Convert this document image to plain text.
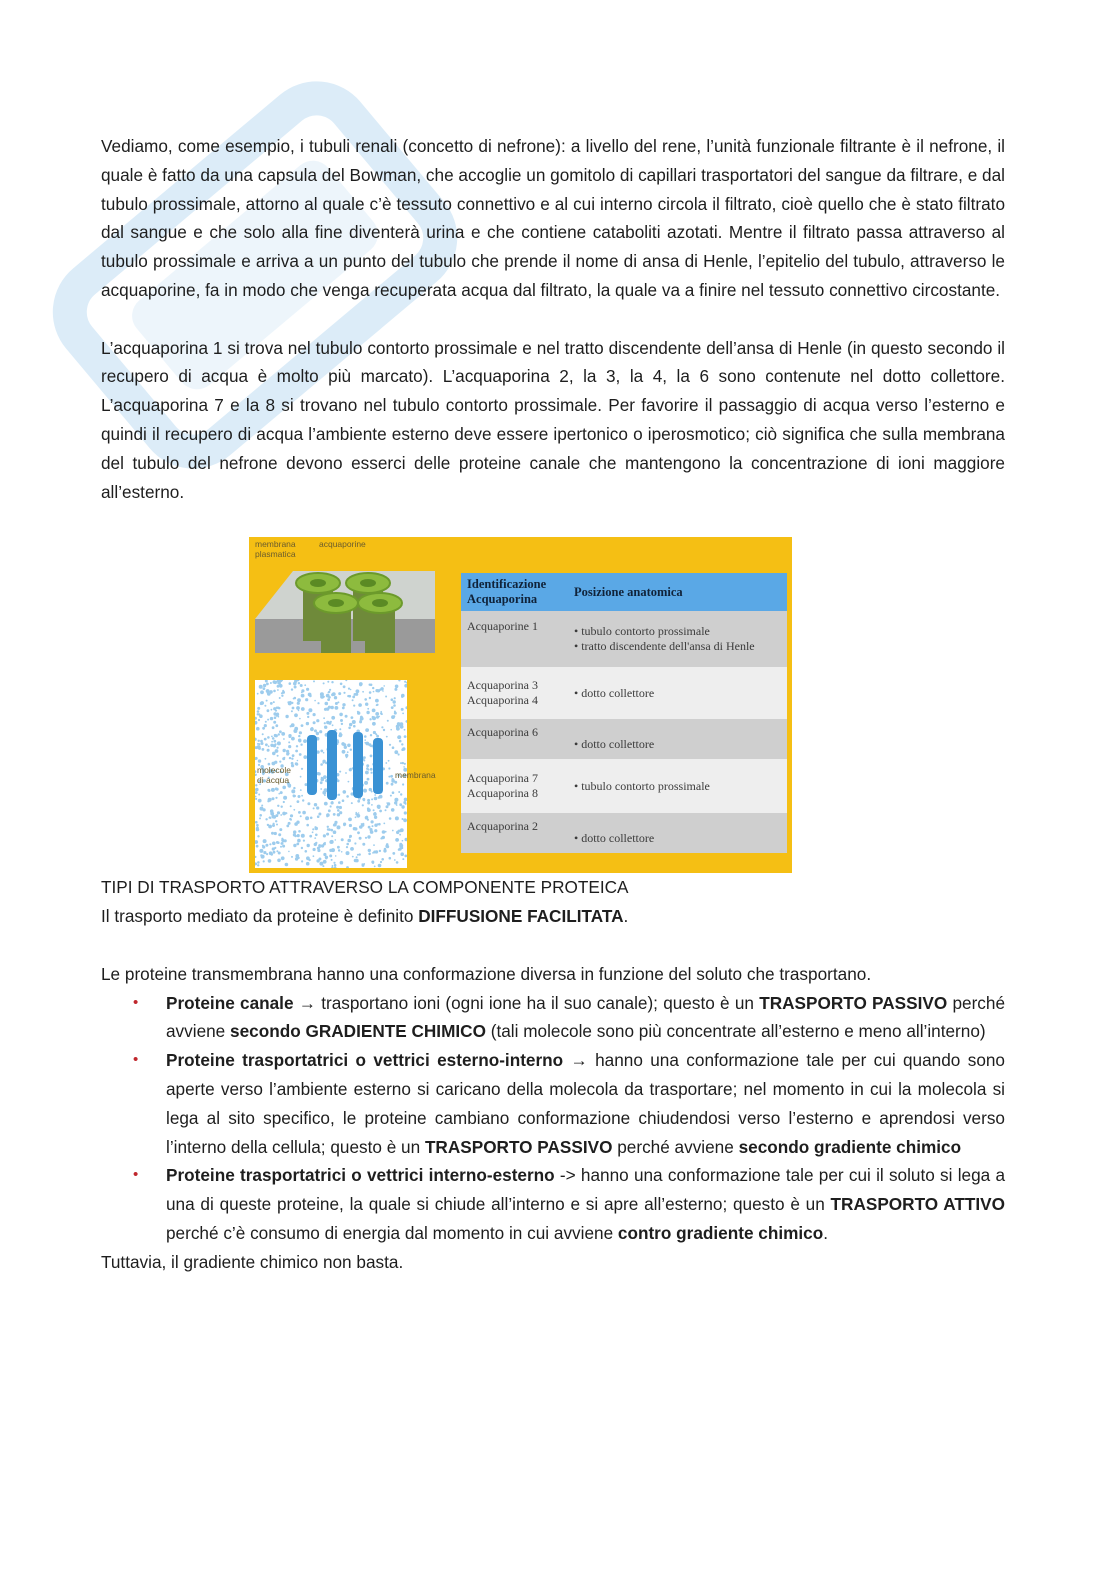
Vediamo, come esempio, i tubuli renali (concetto di nefrone): a livello del rene, l’unità funzionale filtrante è il nefrone, il quale è fatto da una capsula del Bowman, che accoglie un gomitolo di capillari trasportatori del sangue da filtrare, e dal tubulo prossimale, attorno al quale c’è tessuto connettivo e al cui interno circola il filtrato, cioè quello che è stato filtrato dal sangue e che solo alla fine diventerà urina e che contiene cataboliti azotati. Mentre il filtrato passa attraverso al tubulo prossimale e arriva a un punto del tubulo che prende il nome di ansa di Henle, l’epitelio del tubulo, attraverso le acquaporine, fa in modo che venga recuperata acqua dal filtrato, la quale va a finire nel tessuto connettivo circostante.

L’acquaporina 1 si trova nel tubulo contorto prossimale e nel tratto discendente dell’ansa di Henle (in questo secondo il recupero di acqua è molto più marcato). L’acquaporina 2, la 3, la 4, la 6 sono contenute nel dotto collettore. L’acquaporina 7 e la 8 si trovano nel tubulo contorto prossimale. Per favorire il passaggio di acqua verso l’esterno e quindi il recupero di acqua l’ambiente esterno deve essere ipertonico o iperosmotico; ciò significa che sulla membrana del tubulo del nefrone devono esserci delle proteine canale che mantengono la concentrazione di ioni maggiore all’esterno.

membrana
plasmatica
acquaporine
molecole
di acqua	membrana
Identificazione
Acquaporina	Posizione anatomica
Acquaporine 1	• tubulo contorto prossimale
• tratto discendente dell'ansa di Henle
Acquaporina 3
Acquaporina 4	• dotto collettore
Acquaporina 6	• dotto collettore
Acquaporina 7
Acquaporina 8	• tubulo contorto prossimale
Acquaporina 2	• dotto collettore

TIPI DI TRASPORTO ATTRAVERSO LA COMPONENTE PROTEICA

Il trasporto mediato da proteine è definito DIFFUSIONE FACILITATA.

Le proteine transmembrana hanno una conformazione diversa in funzione del soluto che trasportano.

• Proteine canale → trasportano ioni (ogni ione ha il suo canale); questo è un TRASPORTO PASSIVO perché avviene secondo GRADIENTE CHIMICO (tali molecole sono più concentrate all’esterno e meno all’interno)
• Proteine trasportatrici o vettrici esterno-interno → hanno una conformazione tale per cui quando sono aperte verso l’ambiente esterno si caricano della molecola da trasportare; nel momento in cui la molecola si lega al sito specifico, le proteine cambiano conformazione chiudendosi verso l’esterno e aprendosi verso l’interno della cellula; questo è un TRASPORTO PASSIVO perché avviene secondo gradiente chimico
• Proteine trasportatrici o vettrici interno-esterno -> hanno una conformazione tale per cui il soluto si lega a una di queste proteine, la quale si chiude all’interno e si apre all’esterno; questo è un TRASPORTO ATTIVO perché c’è consumo di energia dal momento in cui avviene contro gradiente chimico.

Tuttavia, il gradiente chimico non basta.
